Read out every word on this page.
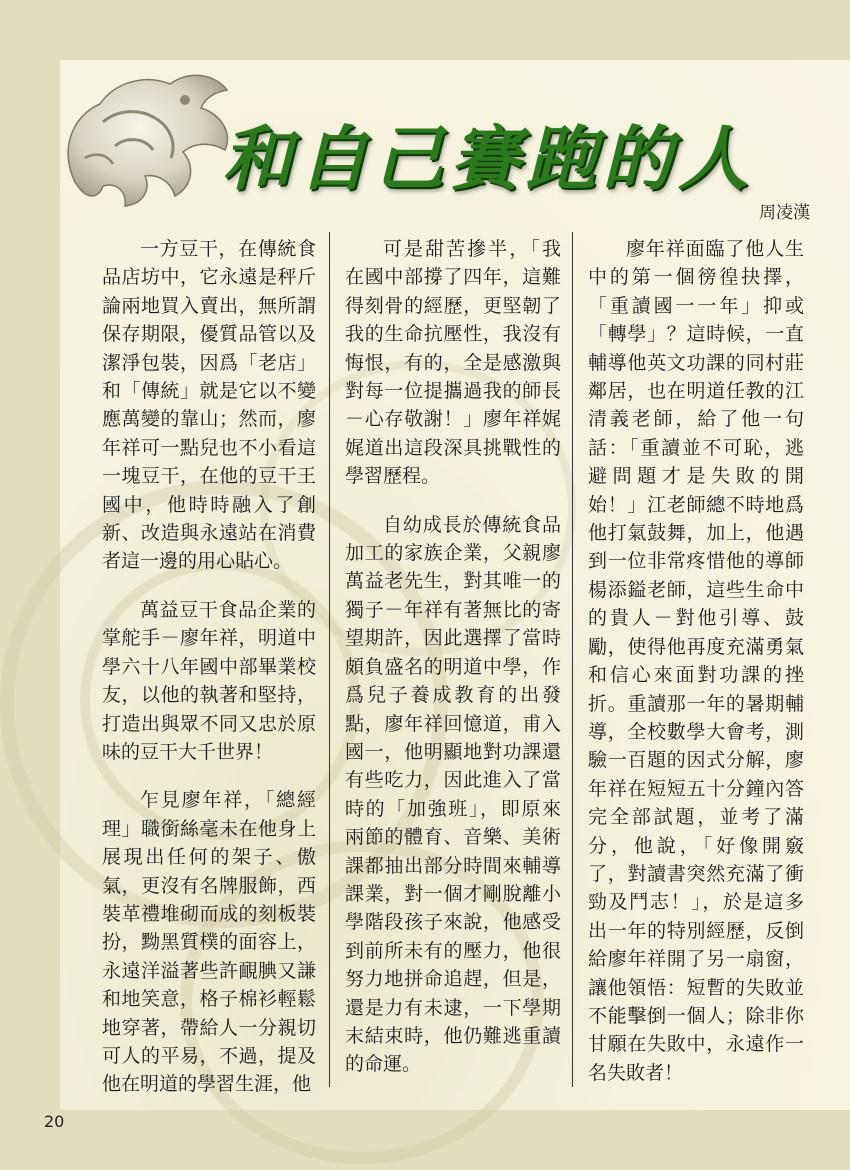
和自己賽跑的人
周凌漢

一方豆干，在傳統食品店坊中，它永遠是秤斤論兩地買入賣出，無所謂保存期限，優質品管以及潔淨包裝，因爲「老店」和「傳統」就是它以不變應萬變的靠山；然而，廖年祥可一點兒也不小看這一塊豆干，在他的豆干王國中，他時時融入了創新、改造與永遠站在消費者這一邊的用心貼心。

萬益豆干食品企業的掌舵手－廖年祥，明道中學六十八年國中部畢業校友，以他的執著和堅持，打造出與眾不同又忠於原味的豆干大千世界！

乍見廖年祥，「總經理」職銜絲毫未在他身上展現出任何的架子、傲氣，更沒有名牌服飾，西裝革禮堆砌而成的刻板裝扮，黝黑質樸的面容上，永遠洋溢著些許靦腆又謙和地笑意，格子棉衫輕鬆地穿著，帶給人一分親切可人的平易，不過，提及他在明道的學習生涯，他

可是甜苦摻半，「我在國中部撐了四年，這難得刻骨的經歷，更堅韌了我的生命抗壓性，我沒有悔恨，有的，全是感激與對每一位提攜過我的師長－心存敬謝！」廖年祥娓娓道出這段深具挑戰性的學習歷程。

自幼成長於傳統食品加工的家族企業，父親廖萬益老先生，對其唯一的獨子－年祥有著無比的寄望期許，因此選擇了當時頗負盛名的明道中學，作爲兒子養成教育的出發點，廖年祥回憶道，甫入國一，他明顯地對功課還有些吃力，因此進入了當時的「加強班」，即原來兩節的體育、音樂、美術課都抽出部分時間來輔導課業，對一個才剛脫離小學階段孩子來說，他感受到前所未有的壓力，他很努力地拼命追趕，但是，還是力有未逮，一下學期末結束時，他仍難逃重讀的命運。

廖年祥面臨了他人生中的第一個徬徨抉擇，「重讀國一一年」抑或「轉學」？這時候，一直輔導他英文功課的同村莊鄰居，也在明道任教的江清義老師，給了他一句話：「重讀並不可恥，逃避問題才是失敗的開始！」江老師總不時地爲他打氣鼓舞，加上，他遇到一位非常疼惜他的導師楊添鎰老師，這些生命中的貴人－對他引導、鼓勵，使得他再度充滿勇氣和信心來面對功課的挫折。重讀那一年的暑期輔導，全校數學大會考，測驗一百題的因式分解，廖年祥在短短五十分鐘內答完全部試題，並考了滿分，他說，「好像開竅了，對讀書突然充滿了衝勁及鬥志！」，於是這多出一年的特別經歷，反倒給廖年祥開了另一扇窗，讓他領悟：短暫的失敗並不能擊倒一個人；除非你甘願在失敗中，永遠作一名失敗者！

20
